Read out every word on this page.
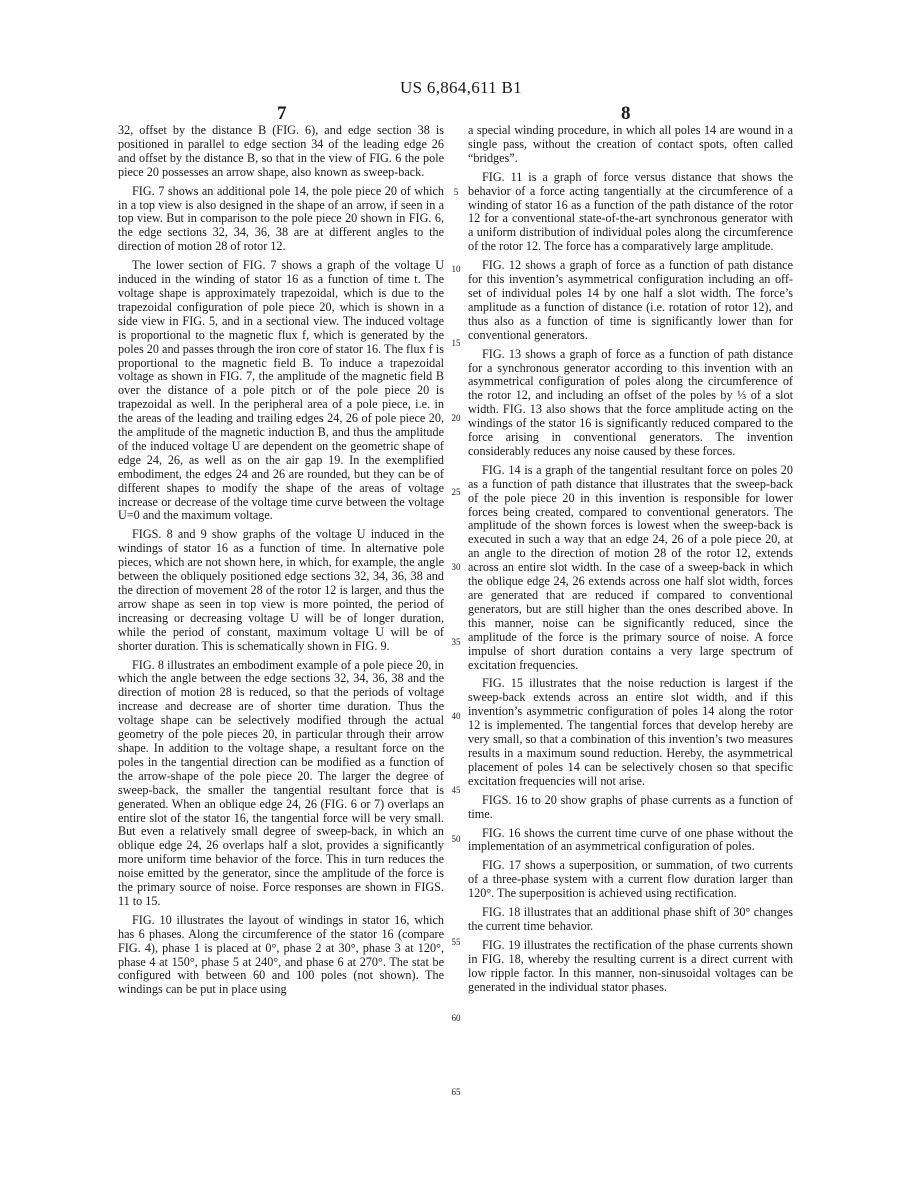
US 6,864,611 B1
7	8

32, offset by the distance B (FIG. 6), and edge section 38 is positioned in parallel to edge section 34 of the leading edge 26 and offset by the distance B, so that in the view of FIG. 6 the pole piece 20 possesses an arrow shape, also known as sweep-back.

FIG. 7 shows an additional pole 14, the pole piece 20 of which in a top view is also designed in the shape of an arrow, if seen in a top view. But in comparison to the pole piece 20 shown in FIG. 6, the edge sections 32, 34, 36, 38 are at different angles to the direction of motion 28 of rotor 12.

The lower section of FIG. 7 shows a graph of the voltage U induced in the winding of stator 16 as a function of time t. The voltage shape is approximately trapezoidal, which is due to the trapezoidal configuration of pole piece 20, which is shown in a side view in FIG. 5, and in a sectional view. The induced voltage is proportional to the magnetic flux f, which is generated by the poles 20 and passes through the iron core of stator 16. The flux f is proportional to the magnetic field B. To induce a trapezoidal voltage as shown in FIG. 7, the amplitude of the magnetic field B over the distance of a pole pitch or of the pole piece 20 is trapezoidal as well. In the peripheral area of a pole piece, i.e. in the areas of the leading and trailing edges 24, 26 of pole piece 20, the amplitude of the magnetic induction B, and thus the amplitude of the induced voltage U are dependent on the geometric shape of edge 24, 26, as well as on the air gap 19. In the exemplified embodiment, the edges 24 and 26 are rounded, but they can be of different shapes to modify the shape of the areas of voltage increase or decrease of the voltage time curve between the voltage U=0 and the maximum voltage.

FIGS. 8 and 9 show graphs of the voltage U induced in the windings of stator 16 as a function of time. In alternative pole pieces, which are not shown here, in which, for example, the angle between the obliquely positioned edge sections 32, 34, 36, 38 and the direction of movement 28 of the rotor 12 is larger, and thus the arrow shape as seen in top view is more pointed, the period of increasing or decreasing voltage U will be of longer duration, while the period of constant, maximum voltage U will be of shorter duration. This is schematically shown in FIG. 9.

FIG. 8 illustrates an embodiment example of a pole piece 20, in which the angle between the edge sections 32, 34, 36, 38 and the direction of motion 28 is reduced, so that the periods of voltage increase and decrease are of shorter time duration. Thus the voltage shape can be selectively modified through the actual geometry of the pole pieces 20, in particular through their arrow shape. In addition to the voltage shape, a resultant force on the poles in the tangential direction can be modified as a function of the arrow-shape of the pole piece 20. The larger the degree of sweep-back, the smaller the tangential resultant force that is generated. When an oblique edge 24, 26 (FIG. 6 or 7) overlaps an entire slot of the stator 16, the tangential force will be very small. But even a relatively small degree of sweep-back, in which an oblique edge 24, 26 overlaps half a slot, provides a significantly more uniform time behavior of the force. This in turn reduces the noise emitted by the generator, since the amplitude of the force is the primary source of noise. Force responses are shown in FIGS. 11 to 15.

FIG. 10 illustrates the layout of windings in stator 16, which has 6 phases. Along the circumference of the stator 16 (compare FIG. 4), phase 1 is placed at 0°, phase 2 at 30°, phase 3 at 120°, phase 4 at 150°, phase 5 at 240°, and phase 6 at 270°. The stat be configured with between 60 and 100 poles (not shown). The windings can be put in place using

a special winding procedure, in which all poles 14 are wound in a single pass, without the creation of contact spots, often called “bridges”.

FIG. 11 is a graph of force versus distance that shows the behavior of a force acting tangentially at the circumference of a winding of stator 16 as a function of the path distance of the rotor 12 for a conventional state-of-the-art synchronous generator with a uniform distribution of individual poles along the circumference of the rotor 12. The force has a comparatively large amplitude.

FIG. 12 shows a graph of force as a function of path distance for this invention’s asymmetrical configuration including an off-set of individual poles 14 by one half a slot width. The force’s amplitude as a function of distance (i.e. rotation of rotor 12), and thus also as a function of time is significantly lower than for conventional generators.

FIG. 13 shows a graph of force as a function of path distance for a synchronous generator according to this invention with an asymmetrical configuration of poles along the circumference of the rotor 12, and including an offset of the poles by ⅓ of a slot width. FIG. 13 also shows that the force amplitude acting on the windings of the stator 16 is significantly reduced compared to the force arising in conventional generators. The invention considerably reduces any noise caused by these forces.

FIG. 14 is a graph of the tangential resultant force on poles 20 as a function of path distance that illustrates that the sweep-back of the pole piece 20 in this invention is responsible for lower forces being created, compared to conventional generators. The amplitude of the shown forces is lowest when the sweep-back is executed in such a way that an edge 24, 26 of a pole piece 20, at an angle to the direction of motion 28 of the rotor 12, extends across an entire slot width. In the case of a sweep-back in which the oblique edge 24, 26 extends across one half slot width, forces are generated that are reduced if compared to conventional generators, but are still higher than the ones described above. In this manner, noise can be significantly reduced, since the amplitude of the force is the primary source of noise. A force impulse of short duration contains a very large spectrum of excitation frequencies.

FIG. 15 illustrates that the noise reduction is largest if the sweep-back extends across an entire slot width, and if this invention’s asymmetric configuration of poles 14 along the rotor 12 is implemented. The tangential forces that develop hereby are very small, so that a combination of this invention’s two measures results in a maximum sound reduction. Hereby, the asymmetrical placement of poles 14 can be selectively chosen so that specific excitation frequencies will not arise.

FIGS. 16 to 20 show graphs of phase currents as a function of time.

FIG. 16 shows the current time curve of one phase without the implementation of an asymmetrical configuration of poles.

FIG. 17 shows a superposition, or summation, of two currents of a three-phase system with a current flow duration larger than 120°. The superposition is achieved using rectification.

FIG. 18 illustrates that an additional phase shift of 30° changes the current time behavior.

FIG. 19 illustrates the rectification of the phase currents shown in FIG. 18, whereby the resulting current is a direct current with low ripple factor. In this manner, non-sinusoidal voltages can be generated in the individual stator phases.

5
10
15
20
25
30
35
40
45
50
55
60
65
